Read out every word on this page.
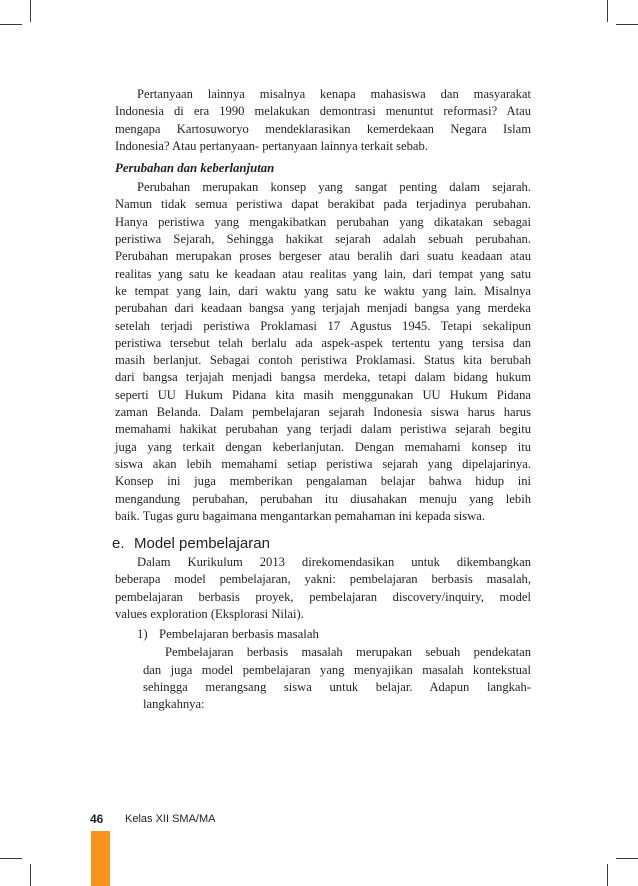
Pertanyaan lainnya misalnya kenapa mahasiswa dan masyarakat
Indonesia di era 1990 melakukan demontrasi menuntut reformasi? Atau
mengapa Kartosuworyo mendeklarasikan kemerdekaan Negara Islam
Indonesia? Atau pertanyaan- pertanyaan lainnya terkait sebab.
Perubahan dan keberlanjutan
Perubahan merupakan konsep yang sangat penting dalam sejarah.
Namun tidak semua peristiwa dapat berakibat pada terjadinya perubahan.
Hanya peristiwa yang mengakibatkan perubahan yang dikatakan sebagai
peristiwa Sejarah, Sehingga hakikat sejarah adalah sebuah perubahan.
Perubahan merupakan proses bergeser atau beralih dari suatu keadaan atau
realitas yang satu ke keadaan atau realitas yang lain, dari tempat yang satu
ke tempat yang lain, dari waktu yang satu ke waktu yang lain. Misalnya
perubahan dari keadaan bangsa yang terjajah menjadi bangsa yang merdeka
setelah terjadi peristiwa Proklamasi 17 Agustus 1945. Tetapi sekalipun
peristiwa tersebut telah berlalu ada aspek-aspek tertentu yang tersisa dan
masih berlanjut. Sebagai contoh peristiwa Proklamasi. Status kita berubah
dari bangsa terjajah menjadi bangsa merdeka, tetapi dalam bidang hukum
seperti UU Hukum Pidana kita masih menggunakan UU Hukum Pidana
zaman Belanda. Dalam pembelajaran sejarah Indonesia siswa harus harus
memahami hakikat perubahan yang terjadi dalam peristiwa sejarah begitu
juga yang terkait dengan keberlanjutan. Dengan memahami konsep itu
siswa akan lebih memahami setiap peristiwa sejarah yang dipelajarinya.
Konsep ini juga memberikan pengalaman belajar bahwa hidup ini
mengandung perubahan, perubahan itu diusahakan menuju yang lebih
baik. Tugas guru bagaimana mengantarkan pemahaman ini kepada siswa.
e. Model pembelajaran
Dalam Kurikulum 2013 direkomendasikan untuk dikembangkan
beberapa model pembelajaran, yakni: pembelajaran berbasis masalah,
pembelajaran berbasis proyek, pembelajaran discovery/inquiry, model
values exploration (Eksplorasi Nilai).
1) Pembelajaran berbasis masalah
Pembelajaran berbasis masalah merupakan sebuah pendekatan
dan juga model pembelajaran yang menyajikan masalah kontekstual
sehingga merangsang siswa untuk belajar. Adapun langkah-
langkahnya:
46 Kelas XII SMA/MA
